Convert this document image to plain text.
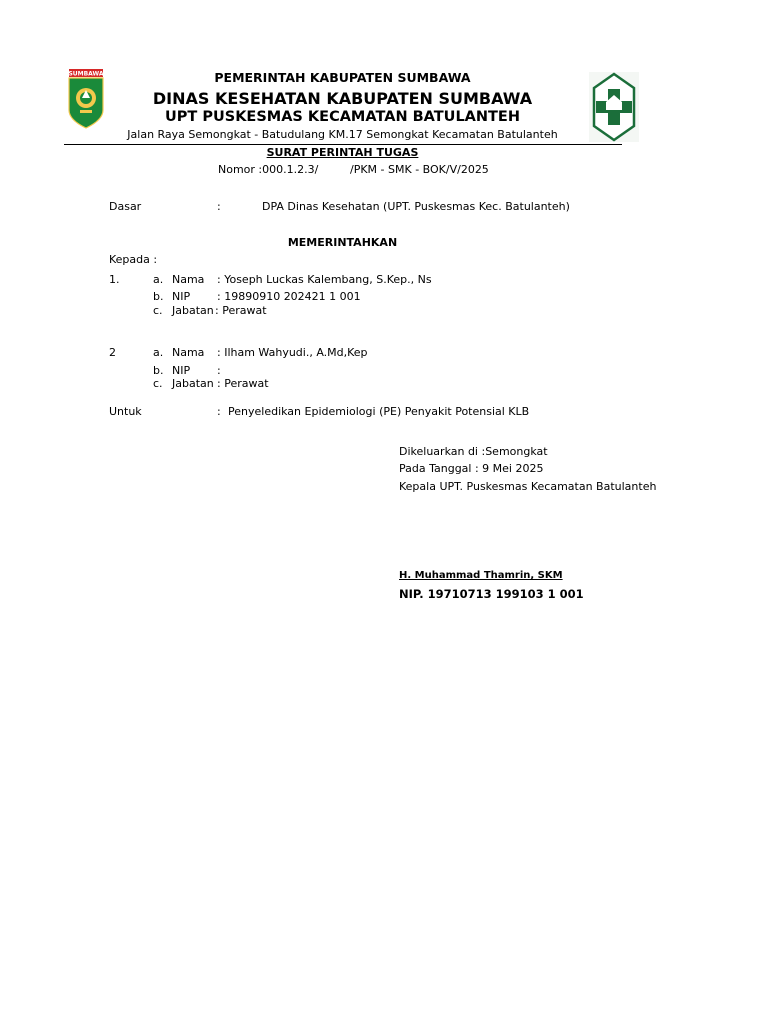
SUMBAWA	PEMERINTAH KABUPATEN SUMBAWA
DINAS KESEHATAN KABUPATEN SUMBAWA
UPT PUSKESMAS KECAMATAN BATULANTEH
Jalan Raya Semongkat - Batudulang KM.17 Semongkat Kecamatan Batulanteh
SURAT PERINTAH TUGAS
Nomor :000.1.2.3/	/PKM - SMK - BOK/V/2025
Dasar	:	DPA Dinas Kesehatan (UPT. Puskesmas Kec. Batulanteh)
MEMERINTAHKAN
Kepada :
1.	a. Nama : Yoseph Luckas Kalembang, S.Kep., Ns
b. NIP : 19890910 202421 1 001
c. Jabatan : Perawat
2	a. Nama : Ilham Wahyudi., A.Md,Kep
b. NIP :
c. Jabatan : Perawat
Untuk	: Penyeledikan Epidemiologi (PE) Penyakit Potensial KLB
Dikeluarkan di :Semongkat
Pada Tanggal : 9 Mei 2025
Kepala UPT. Puskesmas Kecamatan Batulanteh
H. Muhammad Thamrin, SKM
NIP. 19710713 199103 1 001
